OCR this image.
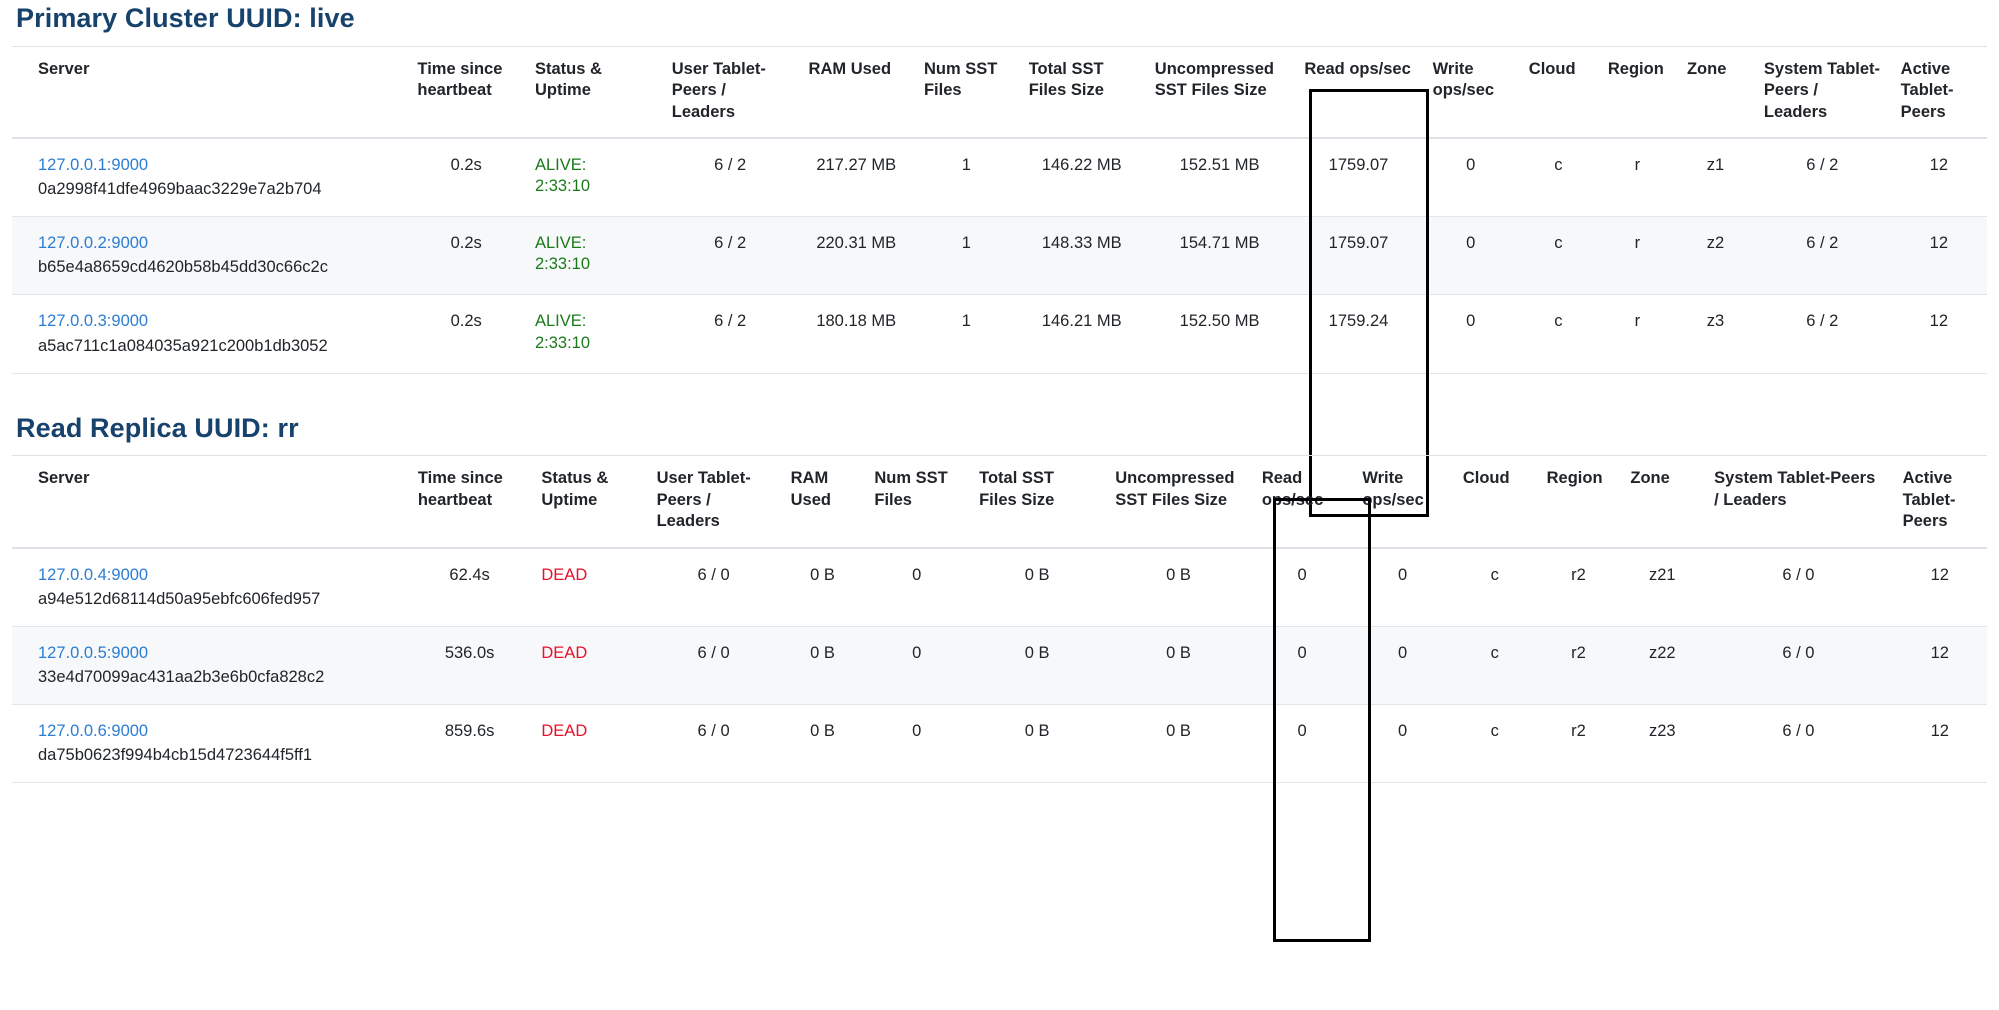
Primary Cluster UUID: live
Server	Time since heartbeat	Status & Uptime	User Tablet-Peers / Leaders	RAM Used	Num SST Files	Total SST Files Size	Uncompressed SST Files Size	Read ops/sec	Write ops/sec	Cloud	Region	Zone	System Tablet-Peers / Leaders	Active Tablet-Peers

127.0.0.1:9000
0a2998f41dfe4969baac3229e7a2b704	0.2s	ALIVE:
2:33:10	6 / 2	217.27 MB	1	146.22 MB	152.51 MB	1759.07	0	c	r	z1	6 / 2	12

127.0.0.2:9000
b65e4a8659cd4620b58b45dd30c66c2c	0.2s	ALIVE:
2:33:10	6 / 2	220.31 MB	1	148.33 MB	154.71 MB	1759.07	0	c	r	z2	6 / 2	12

127.0.0.3:9000
a5ac711c1a084035a921c200b1db3052	0.2s	ALIVE:
2:33:10	6 / 2	180.18 MB	1	146.21 MB	152.50 MB	1759.24	0	c	r	z3	6 / 2	12
Read Replica UUID: rr
Server	Time since heartbeat	Status & Uptime	User Tablet-Peers / Leaders	RAM Used	Num SST Files	Total SST Files Size	Uncompressed SST Files Size	Read ops/sec	Write ops/sec	Cloud	Region	Zone	System Tablet-Peers / Leaders	Active Tablet-Peers

127.0.0.4:9000
a94e512d68114d50a95ebfc606fed957	62.4s	DEAD	6 / 0	0 B	0	0 B	0 B	0	0	c	r2	z21	6 / 0	12

127.0.0.5:9000
33e4d70099ac431aa2b3e6b0cfa828c2	536.0s	DEAD	6 / 0	0 B	0	0 B	0 B	0	0	c	r2	z22	6 / 0	12

127.0.0.6:9000
da75b0623f994b4cb15d4723644f5ff1	859.6s	DEAD	6 / 0	0 B	0	0 B	0 B	0	0	c	r2	z23	6 / 0	12
